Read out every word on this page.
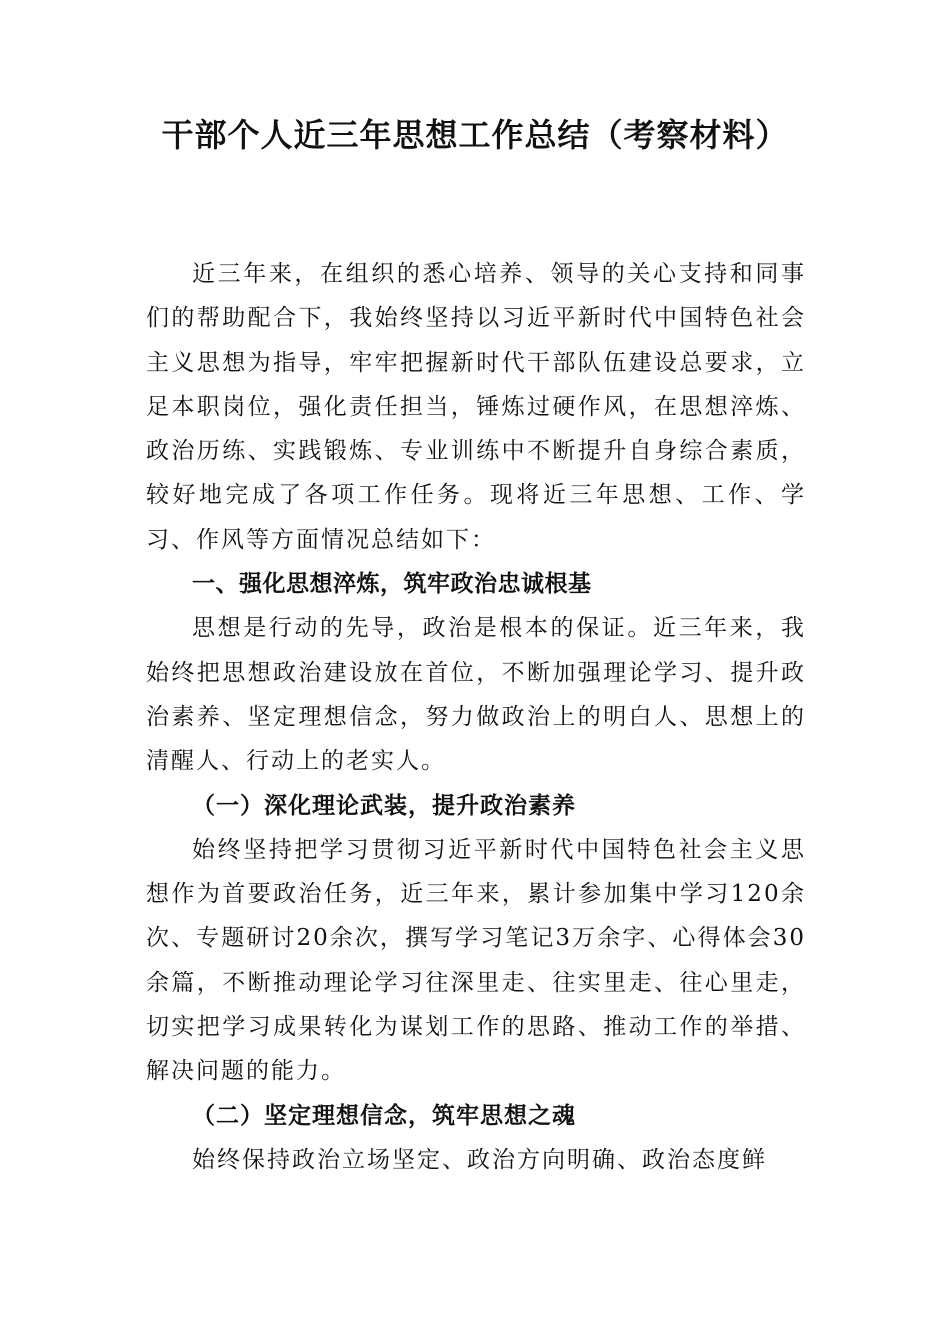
干部个人近三年思想工作总结（考察材料）

近三年来，在组织的悉心培养、领导的关心支持和同事们的帮助配合下，我始终坚持以习近平新时代中国特色社会主义思想为指导，牢牢把握新时代干部队伍建设总要求，立足本职岗位，强化责任担当，锤炼过硬作风，在思想淬炼、政治历练、实践锻炼、专业训练中不断提升自身综合素质，较好地完成了各项工作任务。现将近三年思想、工作、学习、作风等方面情况总结如下：

一、强化思想淬炼，筑牢政治忠诚根基

思想是行动的先导，政治是根本的保证。近三年来，我始终把思想政治建设放在首位，不断加强理论学习、提升政治素养、坚定理想信念，努力做政治上的明白人、思想上的清醒人、行动上的老实人。

（一）深化理论武装，提升政治素养

始终坚持把学习贯彻习近平新时代中国特色社会主义思想作为首要政治任务，近三年来，累计参加集中学习120余次、专题研讨20余次，撰写学习笔记3万余字、心得体会30余篇，不断推动理论学习往深里走、往实里走、往心里走，切实把学习成果转化为谋划工作的思路、推动工作的举措、解决问题的能力。

（二）坚定理想信念，筑牢思想之魂

始终保持政治立场坚定、政治方向明确、政治态度鲜
